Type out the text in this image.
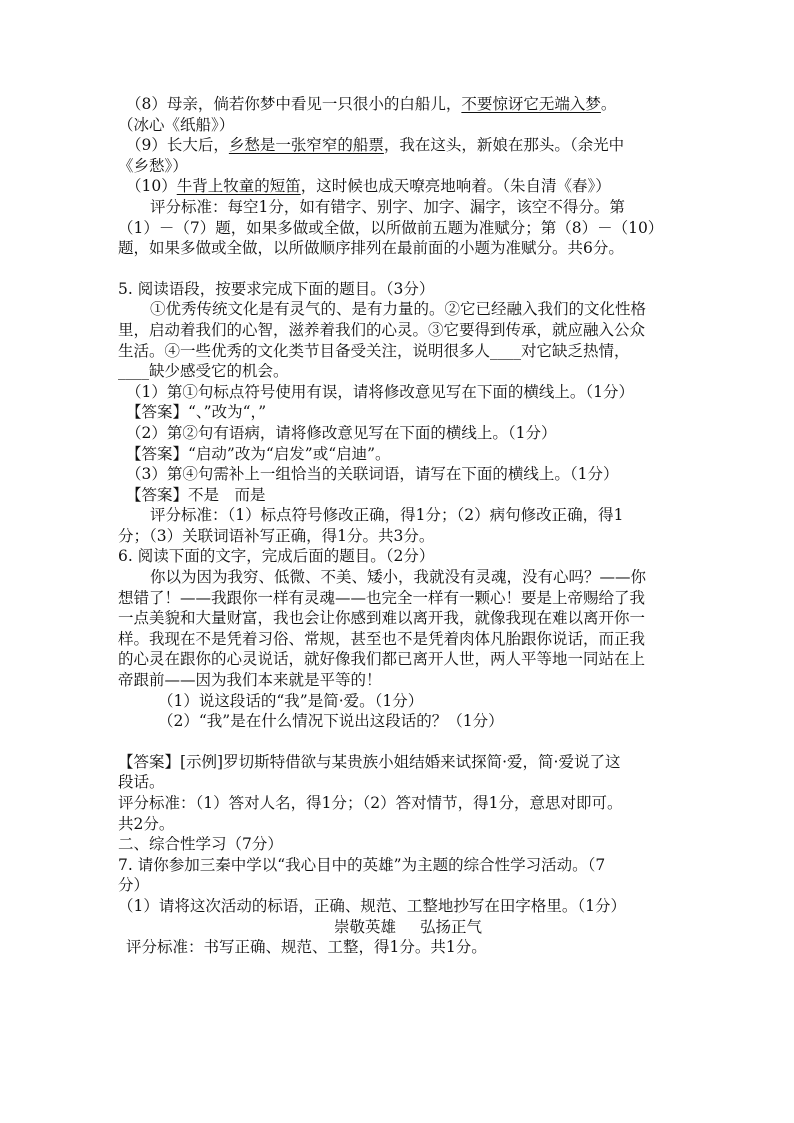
（8）母亲，倘若你梦中看见一只很小的白船儿，不要惊讶它无端入梦。

（冰心《纸船》）

（9）长大后，乡愁是一张窄窄的船票，我在这头，新娘在那头。（余光中

《乡愁》）

（10）牛背上牧童的短笛，这时候也成天嘹亮地响着。（朱自清《春》）

评分标准：每空1分，如有错字、别字、加字、漏字，该空不得分。第

（1）－（7）题，如果多做或全做，以所做前五题为准赋分；第（8）－（10）

题，如果多做或全做，以所做顺序排列在最前面的小题为准赋分。共6分。

5. 阅读语段，按要求完成下面的题目。（3分）

①优秀传统文化是有灵气的、是有力量的。②它已经融入我们的文化性格

里，启动着我们的心智，滋养着我们的心灵。③它要得到传承，就应融入公众

生活。④一些优秀的文化类节目备受关注，说明很多人____对它缺乏热情，

____缺少感受它的机会。

（1）第①句标点符号使用有误，请将修改意见写在下面的横线上。（1分）

【答案】“、”改为“，”

（2）第②句有语病，请将修改意见写在下面的横线上。（1分）

【答案】“启动”改为“启发”或“启迪”。

（3）第④句需补上一组恰当的关联词语，请写在下面的横线上。（1分）

【答案】不是　而是

评分标准：（1）标点符号修改正确，得1分；（2）病句修改正确，得1

分；（3）关联词语补写正确，得1分。共3分。

6. 阅读下面的文字，完成后面的题目。（2分）

你以为因为我穷、低微、不美、矮小，我就没有灵魂，没有心吗？——你

想错了！——我跟你一样有灵魂——也完全一样有一颗心！要是上帝赐给了我

一点美貌和大量财富，我也会让你感到难以离开我，就像我现在难以离开你一

样。我现在不是凭着习俗、常规，甚至也不是凭着肉体凡胎跟你说话，而正我

的心灵在跟你的心灵说话，就好像我们都已离开人世，两人平等地一同站在上

帝跟前——因为我们本来就是平等的！

（1）说这段话的“我”是简·爱。（1分）

（2）“我”是在什么情况下说出这段话的？（1分）

【答案】[示例]罗切斯特借欲与某贵族小姐结婚来试探简·爱，简·爱说了这

段话。

评分标准：（1）答对人名，得1分；（2）答对情节，得1分，意思对即可。

共2分。

二、综合性学习（7分）

7. 请你参加三秦中学以“我心目中的英雄”为主题的综合性学习活动。（7

分）

（1）请将这次活动的标语，正确、规范、工整地抄写在田字格里。（1分）

崇敬英雄 弘扬正气

评分标准：书写正确、规范、工整，得1分。共1分。
